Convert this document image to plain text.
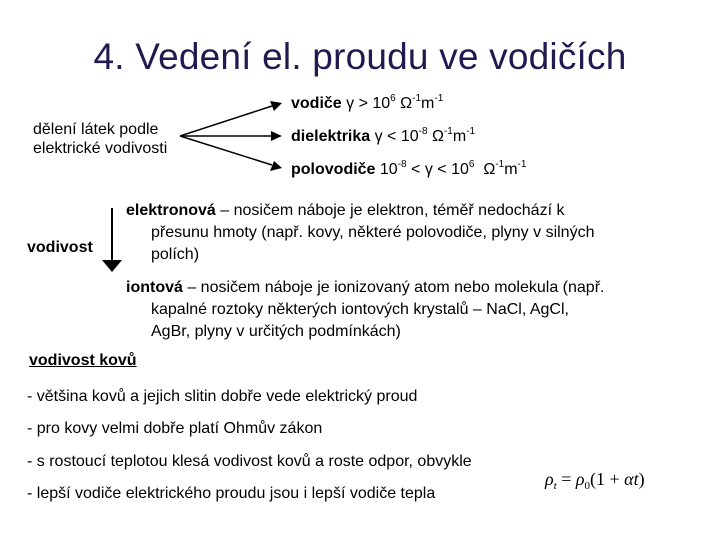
4. Vedení el. proudu ve vodičích
dělení látek podle
elektrické vodivosti
vodiče $\gamma > 10^6$ $\Omega^{-1}m^{-1}$
dielektrika $\gamma < 10^{-8}$ $\Omega^{-1}m^{-1}$
polovodiče $10^{-8} < \gamma < 10^6$  $\Omega^{-1}m^{-1}$
vodivost
elektronová – nosičem náboje je elektron, téměř nedochází k
přesunu hmoty (např. kovy, některé polovodiče, plyny v silných
polích)
iontová – nosičem náboje je ionizovaný atom nebo molekula (např.
kapalné roztoky některých iontových krystalů – NaCl, AgCl,
AgBr, plyny v určitých podmínkách)
vodivost kovů
- většina kovů a jejich slitin dobře vede elektrický proud
- pro kovy velmi dobře platí Ohmův zákon
- s rostoucí teplotou klesá vodivost kovů a roste odpor, obvykle
- lepší vodiče elektrického proudu jsou i lepší vodiče tepla

$\rho_t = \rho_0(1 + \alpha t)$
